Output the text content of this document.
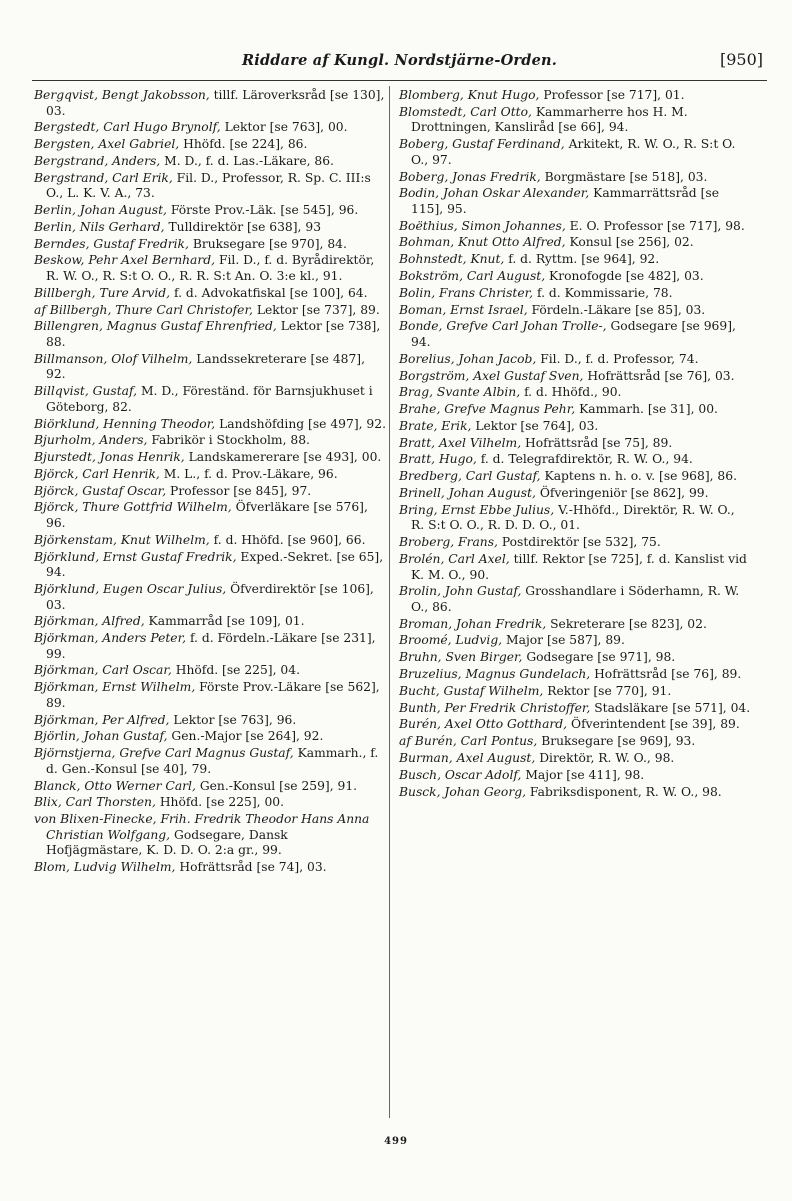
Riddare af Kungl. Nordstjärne-Orden.	[950]
Bergqvist, Bengt Jakobsson, tillf. Läroverksråd [se 130], 03.
Bergstedt, Carl Hugo Brynolf, Lektor [se 763], 00.
Bergsten, Axel Gabriel, Hhöfd. [se 224], 86.
Bergstrand, Anders, M. D., f. d. Las.-Läkare, 86.
Bergstrand, Carl Erik, Fil. D., Professor, R. Sp. C. III:s O., L. K. V. A., 73.
Berlin, Johan August, Förste Prov.-Läk. [se 545], 96.
Berlin, Nils Gerhard, Tulldirektör [se 638], 93
Berndes, Gustaf Fredrik, Bruksegare [se 970], 84.
Beskow, Pehr Axel Bernhard, Fil. D., f. d. Byrådirektör, R. W. O., R. S:t O. O., R. R. S:t An. O. 3:e kl., 91.
Billbergh, Ture Arvid, f. d. Advokatfiskal [se 100], 64.
af Billbergh, Thure Carl Christofer, Lektor [se 737], 89.
Billengren, Magnus Gustaf Ehrenfried, Lektor [se 738], 88.
Billmanson, Olof Vilhelm, Landssekreterare [se 487], 92.
Billqvist, Gustaf, M. D., Föreständ. för Barnsjukhuset i Göteborg, 82.
Biörklund, Henning Theodor, Landshöfding [se 497], 92.
Bjurholm, Anders, Fabrikör i Stockholm, 88.
Bjurstedt, Jonas Henrik, Landskamererare [se 493], 00.
Björck, Carl Henrik, M. L., f. d. Prov.-Läkare, 96.
Björck, Gustaf Oscar, Professor [se 845], 97.
Björck, Thure Gottfrid Wilhelm, Öfverläkare [se 576], 96.
Björkenstam, Knut Wilhelm, f. d. Hhöfd. [se 960], 66.
Björklund, Ernst Gustaf Fredrik, Exped.-Sekret. [se 65], 94.
Björklund, Eugen Oscar Julius, Öfverdirektör [se 106], 03.
Björkman, Alfred, Kammarråd [se 109], 01.
Björkman, Anders Peter, f. d. Fördeln.-Läkare [se 231], 99.
Björkman, Carl Oscar, Hhöfd. [se 225], 04.
Björkman, Ernst Wilhelm, Förste Prov.-Läkare [se 562], 89.
Björkman, Per Alfred, Lektor [se 763], 96.
Björlin, Johan Gustaf, Gen.-Major [se 264], 92.
Björnstjerna, Grefve Carl Magnus Gustaf, Kammarh., f. d. Gen.-Konsul [se 40], 79.
Blanck, Otto Werner Carl, Gen.-Konsul [se 259], 91.
Blix, Carl Thorsten, Hhöfd. [se 225], 00.
von Blixen-Finecke, Frih. Fredrik Theodor Hans Anna Christian Wolfgang, Godsegare, Dansk Hofjägmästare, K. D. D. O. 2:a gr., 99.
Blom, Ludvig Wilhelm, Hofrättsråd [se 74], 03.
Blomberg, Knut Hugo, Professor [se 717], 01.
Blomstedt, Carl Otto, Kammarherre hos H. M. Drottningen, Kansliråd [se 66], 94.
Boberg, Gustaf Ferdinand, Arkitekt, R. W. O., R. S:t O. O., 97.
Boberg, Jonas Fredrik, Borgmästare [se 518], 03.
Bodin, Johan Oskar Alexander, Kammarrättsråd [se 115], 95.
Boëthius, Simon Johannes, E. O. Professor [se 717], 98.
Bohman, Knut Otto Alfred, Konsul [se 256], 02.
Bohnstedt, Knut, f. d. Ryttm. [se 964], 92.
Bokström, Carl August, Kronofogde [se 482], 03.
Bolin, Frans Christer, f. d. Kommissarie, 78.
Boman, Ernst Israel, Fördeln.-Läkare [se 85], 03.
Bonde, Grefve Carl Johan Trolle-, Godsegare [se 969], 94.
Borelius, Johan Jacob, Fil. D., f. d. Professor, 74.
Borgström, Axel Gustaf Sven, Hofrättsråd [se 76], 03.
Brag, Svante Albin, f. d. Hhöfd., 90.
Brahe, Grefve Magnus Pehr, Kammarh. [se 31], 00.
Brate, Erik, Lektor [se 764], 03.
Bratt, Axel Vilhelm, Hofrättsråd [se 75], 89.
Bratt, Hugo, f. d. Telegrafdirektör, R. W. O., 94.
Bredberg, Carl Gustaf, Kaptens n. h. o. v. [se 968], 86.
Brinell, Johan August, Öfveringeniör [se 862], 99.
Bring, Ernst Ebbe Julius, V.-Hhöfd., Direktör, R. W. O., R. S:t O. O., R. D. D. O., 01.
Broberg, Frans, Postdirektör [se 532], 75.
Brolén, Carl Axel, tillf. Rektor [se 725], f. d. Kanslist vid K. M. O., 90.
Brolin, John Gustaf, Grosshandlare i Söderhamn, R. W. O., 86.
Broman, Johan Fredrik, Sekreterare [se 823], 02.
Broomé, Ludvig, Major [se 587], 89.
Bruhn, Sven Birger, Godsegare [se 971], 98.
Bruzelius, Magnus Gundelach, Hofrättsråd [se 76], 89.
Bucht, Gustaf Wilhelm, Rektor [se 770], 91.
Bunth, Per Fredrik Christoffer, Stadsläkare [se 571], 04.
Burén, Axel Otto Gotthard, Öfverintendent [se 39], 89.
af Burén, Carl Pontus, Bruksegare [se 969], 93.
Burman, Axel August, Direktör, R. W. O., 98.
Busch, Oscar Adolf, Major [se 411], 98.
Busck, Johan Georg, Fabriksdisponent, R. W. O., 98.
499
